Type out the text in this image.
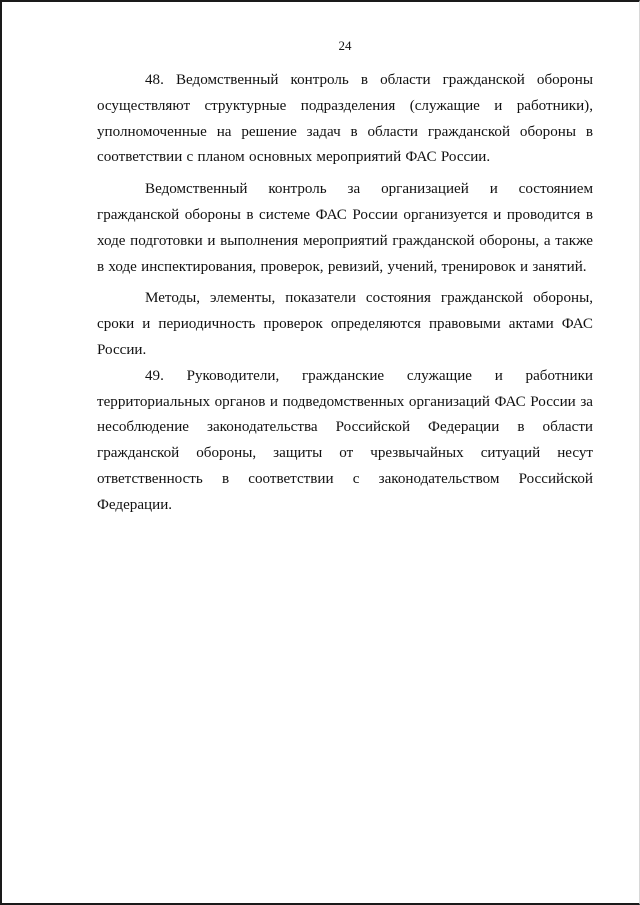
24

48. Ведомственный контроль в области гражданской обороны осуществляют структурные подразделения (служащие и работники), уполномоченные на решение задач в области гражданской обороны в соответствии с планом основных мероприятий ФАС России.

Ведомственный контроль за организацией и состоянием гражданской обороны в системе ФАС России организуется и проводится в ходе подготовки и выполнения мероприятий гражданской обороны, а также в ходе инспектирования, проверок, ревизий, учений, тренировок и занятий.

Методы, элементы, показатели состояния гражданской обороны, сроки и периодичность проверок определяются правовыми актами ФАС России.

49. Руководители, гражданские служащие и работники территориальных органов и подведомственных организаций ФАС России за несоблюдение законодательства Российской Федерации в области гражданской обороны, защиты от чрезвычайных ситуаций несут ответственность в соответствии с законодательством Российской Федерации.
